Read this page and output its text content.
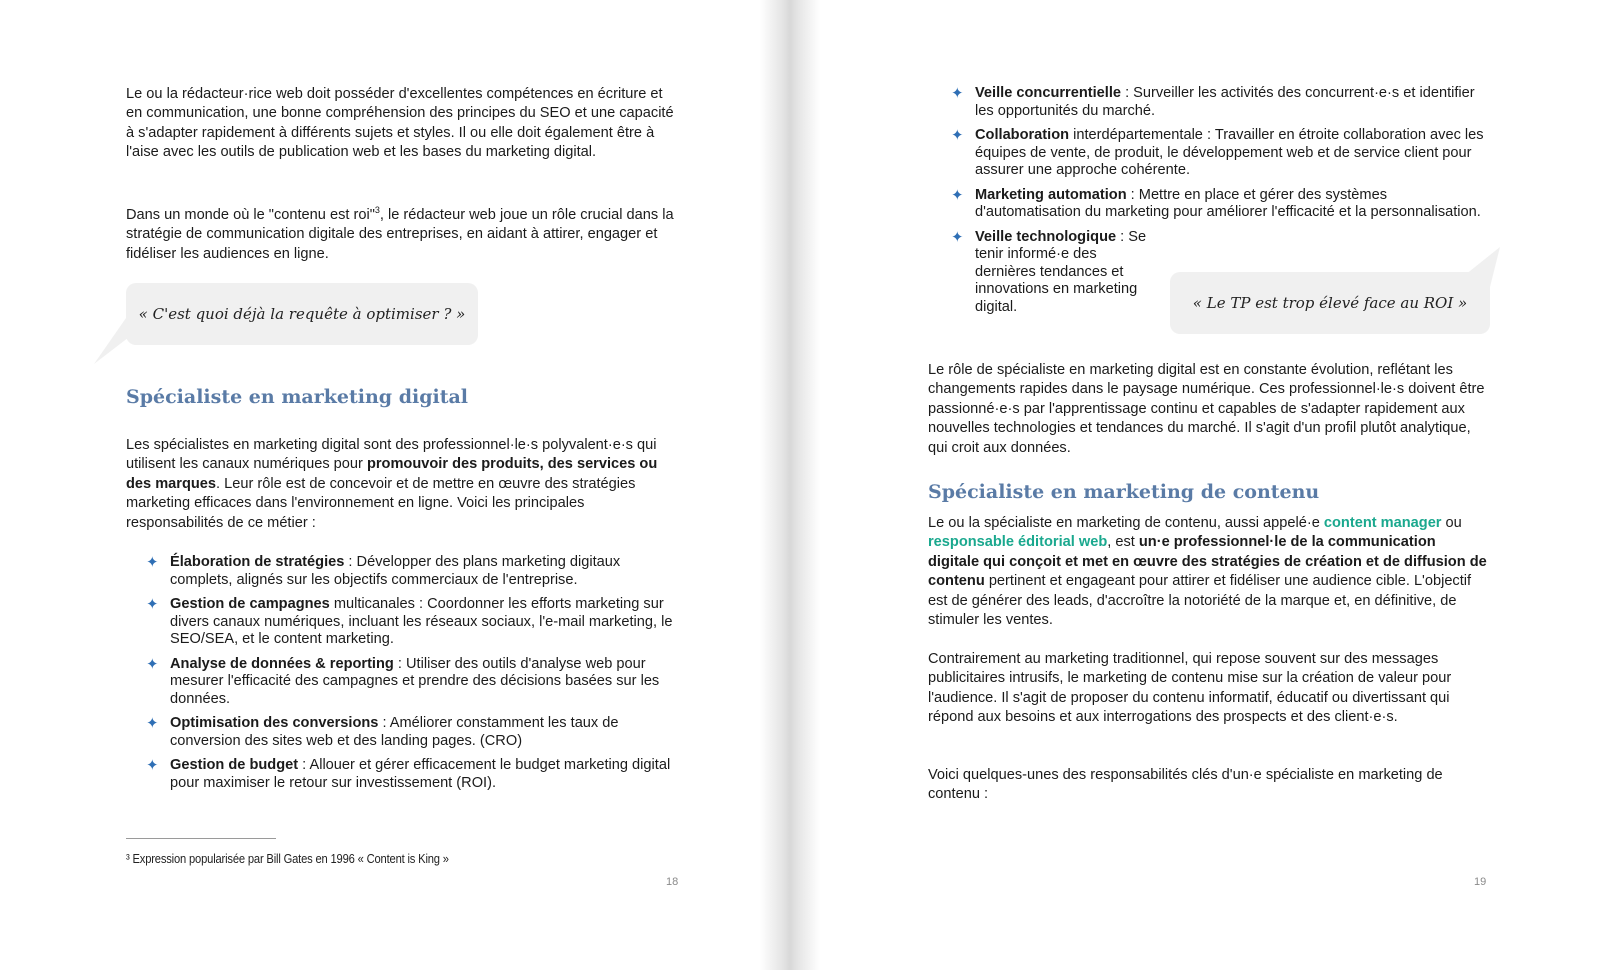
Le ou la rédacteur·rice web doit posséder d'excellentes compétences en écriture et en communication, une bonne compréhension des principes du SEO et une capacité à s'adapter rapidement à différents sujets et styles. Il ou elle doit également être à l'aise avec les outils de publication web et les bases du marketing digital.

Dans un monde où le "contenu est roi"$^3$, le rédacteur web joue un rôle crucial dans la stratégie de communication digitale des entreprises, en aidant à attirer, engager et fidéliser les audiences en ligne.

« C'est quoi déjà la requête à optimiser ? »
Spécialiste en marketing digital

Les spécialistes en marketing digital sont des professionnel·le·s polyvalent·e·s qui utilisent les canaux numériques pour promouvoir des produits, des services ou des marques. Leur rôle est de concevoir et de mettre en œuvre des stratégies marketing efficaces dans l'environnement en ligne. Voici les principales responsabilités de ce métier :

✦ Élaboration de stratégies : Développer des plans marketing digitaux complets, alignés sur les objectifs commerciaux de l'entreprise.
✦ Gestion de campagnes multicanales : Coordonner les efforts marketing sur divers canaux numériques, incluant les réseaux sociaux, l'e-mail marketing, le SEO/SEA, et le content marketing.
✦ Analyse de données & reporting : Utiliser des outils d'analyse web pour mesurer l'efficacité des campagnes et prendre des décisions basées sur les données.
✦ Optimisation des conversions : Améliorer constamment les taux de conversion des sites web et des landing pages. (CRO)
✦ Gestion de budget : Allouer et gérer efficacement le budget marketing digital pour maximiser le retour sur investissement (ROI).
³ Expression popularisée par Bill Gates en 1996 « Content is King »
18
✦ Veille concurrentielle : Surveiller les activités des concurrent·e·s et identifier les opportunités du marché.
✦ Collaboration interdépartementale : Travailler en étroite collaboration avec les équipes de vente, de produit, le développement web et de service client pour assurer une approche cohérente.
✦ Marketing automation : Mettre en place et gérer des systèmes d'automatisation du marketing pour améliorer l'efficacité et la personnalisation.
✦ Veille technologique : Se tenir informé·e des dernières tendances et innovations en marketing digital.	« Le TP est trop élevé face au ROI »

Le rôle de spécialiste en marketing digital est en constante évolution, reflétant les changements rapides dans le paysage numérique. Ces professionnel·le·s doivent être passionné·e·s par l'apprentissage continu et capables de s'adapter rapidement aux nouvelles technologies et tendances du marché. Il s'agit d'un profil plutôt analytique, qui croit aux données.

Spécialiste en marketing de contenu

Le ou la spécialiste en marketing de contenu, aussi appelé·e content manager ou responsable éditorial web, est un·e professionnel·le de la communication digitale qui conçoit et met en œuvre des stratégies de création et de diffusion de contenu pertinent et engageant pour attirer et fidéliser une audience cible. L'objectif est de générer des leads, d'accroître la notoriété de la marque et, en définitive, de stimuler les ventes.

Contrairement au marketing traditionnel, qui repose souvent sur des messages publicitaires intrusifs, le marketing de contenu mise sur la création de valeur pour l'audience. Il s'agit de proposer du contenu informatif, éducatif ou divertissant qui répond aux besoins et aux interrogations des prospects et des client·e·s.

Voici quelques-unes des responsabilités clés d'un·e spécialiste en marketing de contenu :

19
